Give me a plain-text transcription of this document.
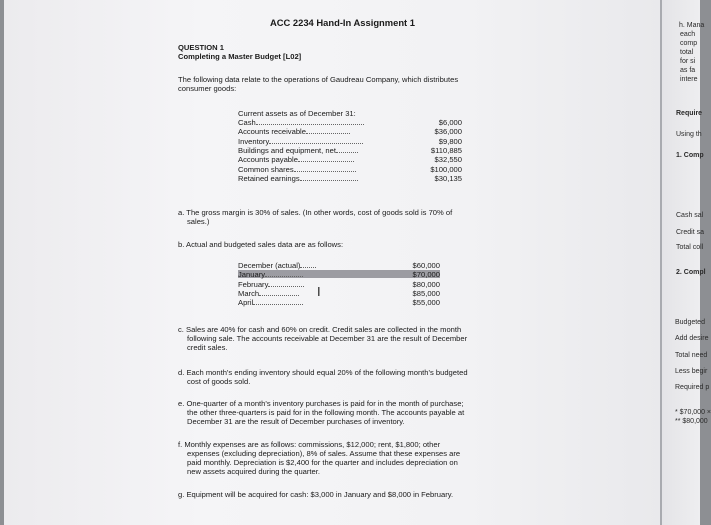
ACC 2234 Hand-In Assignment 1
QUESTION 1
Completing a Master Budget [L02]
The following data relate to the operations of Gaudreau Company, which distributes
consumer goods:
Current assets as of December 31:
Cash
Accounts receivable
Inventory
Buildings and equipment, net
Accounts payable
Common shares
Retained earnings
$6,000
$36,000
$9,800
$110,885
$32,550
$100,000
$30,135
a. The gross margin is 30% of sales. (In other words, cost of goods sold is 70% of
sales.)
b. Actual and budgeted sales data are as follows:
December (actual)
January
February
March
April
$60,000
$70,000
$80,000
$85,000
$55,000
I
c. Sales are 40% for cash and 60% on credit. Credit sales are collected in the month
following sale. The accounts receivable at December 31 are the result of December
credit sales.
d. Each month's ending inventory should equal 20% of the following month's budgeted
cost of goods sold.
e. One-quarter of a month's inventory purchases is paid for in the month of purchase;
the other three-quarters is paid for in the following month. The accounts payable at
December 31 are the result of December purchases of inventory.
f. Monthly expenses are as follows: commissions, $12,000; rent, $1,800; other
expenses (excluding depreciation), 8% of sales. Assume that these expenses are
paid monthly. Depreciation is $2,400 for the quarter and includes depreciation on
new assets acquired during the quarter.
g. Equipment will be acquired for cash: $3,000 in January and $8,000 in February.
h. Mana
each
comp
total
for si
as fa
intere
Require
Using th
1. Comp
Cash sal
Credit sa
Total coll
2. Compl
Budgeted
Add desire
Total need
Less begir
Required p
* $70,000 ×
** $80,000
